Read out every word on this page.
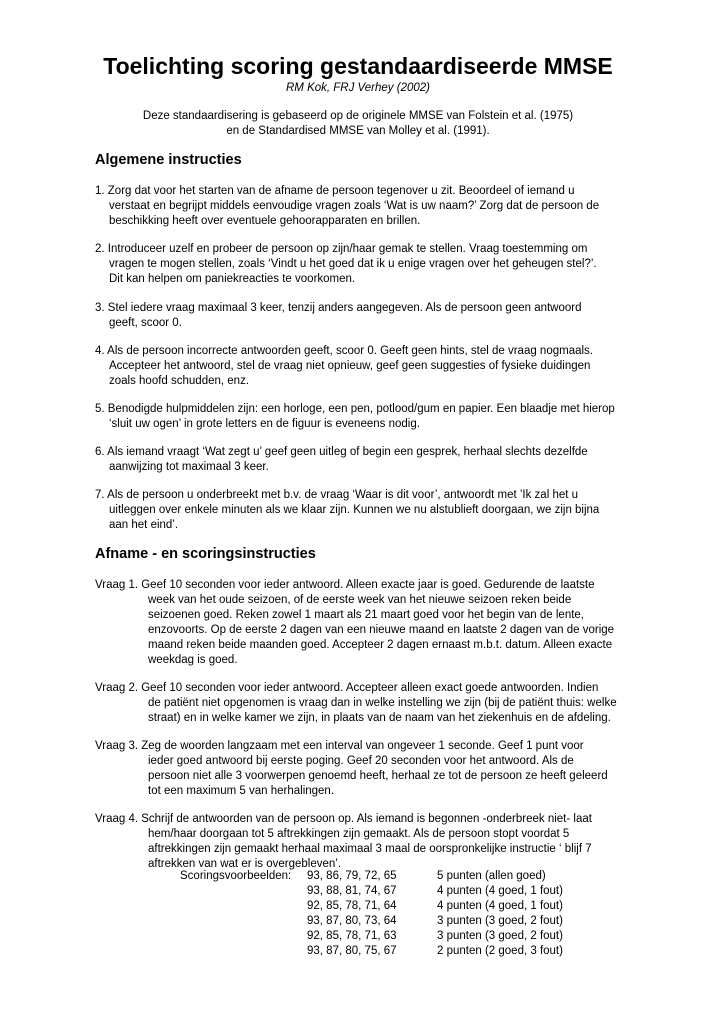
Toelichting scoring gestandaardiseerde MMSE
RM Kok, FRJ Verhey (2002)
Deze standaardisering is gebaseerd op de originele MMSE van Folstein et al. (1975)
en de Standardised MMSE van Molley et al. (1991).
Algemene instructies
1. Zorg dat voor het starten van de afname de persoon tegenover u zit. Beoordeel of iemand u
verstaat en begrijpt middels eenvoudige vragen zoals ‘Wat is uw naam?’ Zorg dat de persoon de
beschikking heeft over eventuele gehoorapparaten en brillen.
2. Introduceer uzelf en probeer de persoon op zijn/haar gemak te stellen. Vraag toestemming om
vragen te mogen stellen, zoals ‘Vindt u het goed dat ik u enige vragen over het geheugen stel?’.
Dit kan helpen om paniekreacties te voorkomen.
3. Stel iedere vraag maximaal 3 keer, tenzij anders aangegeven. Als de persoon geen antwoord
geeft, scoor 0.
4. Als de persoon incorrecte antwoorden geeft, scoor 0. Geeft geen hints, stel de vraag nogmaals.
Accepteer het antwoord, stel de vraag niet opnieuw, geef geen suggesties of fysieke duidingen
zoals hoofd schudden, enz.
5. Benodigde hulpmiddelen zijn: een horloge, een pen, potlood/gum en papier. Een blaadje met hierop
‘sluit uw ogen’ in grote letters en de figuur is eveneens nodig.
6. Als iemand vraagt ‘Wat zegt u’ geef geen uitleg of begin een gesprek, herhaal slechts dezelfde
aanwijzing tot maximaal 3 keer.
7. Als de persoon u onderbreekt met b.v. de vraag ‘Waar is dit voor’, antwoordt met ’Ik zal het u
uitleggen over enkele minuten als we klaar zijn. Kunnen we nu alstublieft doorgaan, we zijn bijna
aan het eind’.
Afname - en scoringsinstructies
Vraag 1. Geef 10 seconden voor ieder antwoord. Alleen exacte jaar is goed. Gedurende de laatste
week van het oude seizoen, of de eerste week van het nieuwe seizoen reken beide
seizoenen goed. Reken zowel 1 maart als 21 maart goed voor het begin van de lente,
enzovoorts. Op de eerste 2 dagen van een nieuwe maand en laatste 2 dagen van de vorige
maand reken beide maanden goed. Accepteer 2 dagen ernaast m.b.t. datum. Alleen exacte
weekdag is goed.
Vraag 2. Geef 10 seconden voor ieder antwoord. Accepteer alleen exact goede antwoorden. Indien
de patiënt niet opgenomen is vraag dan in welke instelling we zijn (bij de patiënt thuis: welke
straat) en in welke kamer we zijn, in plaats van de naam van het ziekenhuis en de afdeling.
Vraag 3. Zeg de woorden langzaam met een interval van ongeveer 1 seconde. Geef 1 punt voor
ieder goed antwoord bij eerste poging. Geef 20 seconden voor het antwoord. Als de
persoon niet alle 3 voorwerpen genoemd heeft, herhaal ze tot de persoon ze heeft geleerd
tot een maximum 5 van herhalingen.
Vraag 4. Schrijf de antwoorden van de persoon op. Als iemand is begonnen -onderbreek niet- laat
hem/haar doorgaan tot 5 aftrekkingen zijn gemaakt. Als de persoon stopt voordat 5
aftrekkingen zijn gemaakt herhaal maximaal 3 maal de oorspronkelijke instructie ‘ blijf 7
aftrekken van wat er is overgebleven’.
Scoringsvoorbeelden: 93, 86, 79, 72, 65	5 punten (allen goed)
93, 88, 81, 74, 67	4 punten (4 goed, 1 fout)
92, 85, 78, 71, 64	4 punten (4 goed, 1 fout)
93, 87, 80, 73, 64	3 punten (3 goed, 2 fout)
92, 85, 78, 71, 63	3 punten (3 goed, 2 fout)
93, 87, 80, 75, 67	2 punten (2 goed, 3 fout)
